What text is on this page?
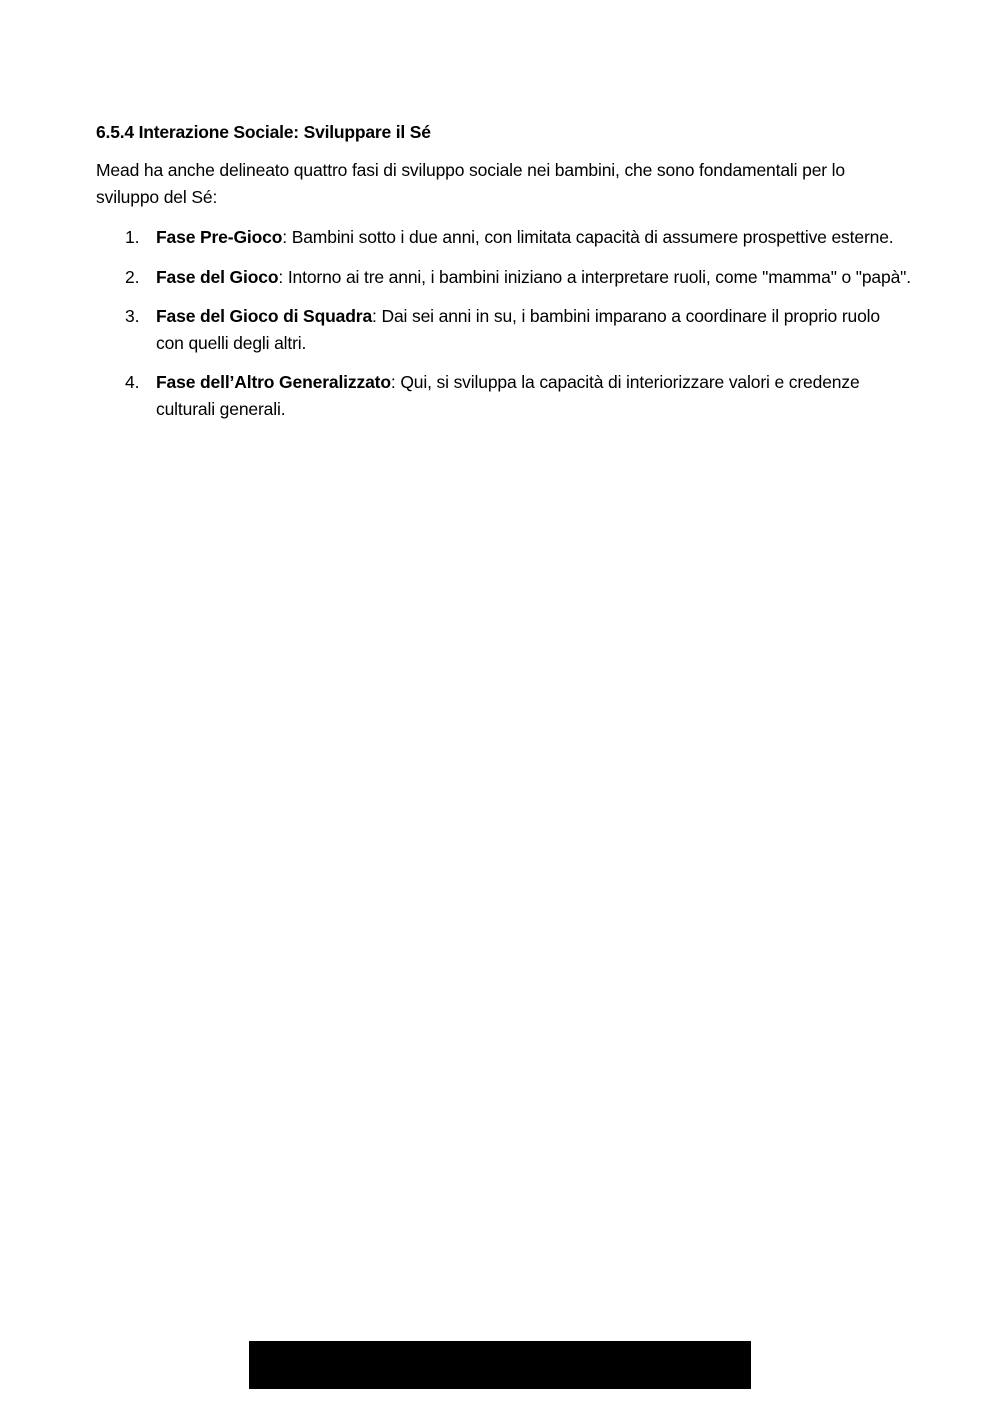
6.5.4 Interazione Sociale: Sviluppare il Sé

Mead ha anche delineato quattro fasi di sviluppo sociale nei bambini, che sono fondamentali per lo sviluppo del Sé:

1. Fase Pre-Gioco: Bambini sotto i due anni, con limitata capacità di assumere prospettive esterne.
2. Fase del Gioco: Intorno ai tre anni, i bambini iniziano a interpretare ruoli, come "mamma" o "papà".
3. Fase del Gioco di Squadra: Dai sei anni in su, i bambini imparano a coordinare il proprio ruolo con quelli degli altri.
4. Fase dell’Altro Generalizzato: Qui, si sviluppa la capacità di interiorizzare valori e credenze culturali generali.
